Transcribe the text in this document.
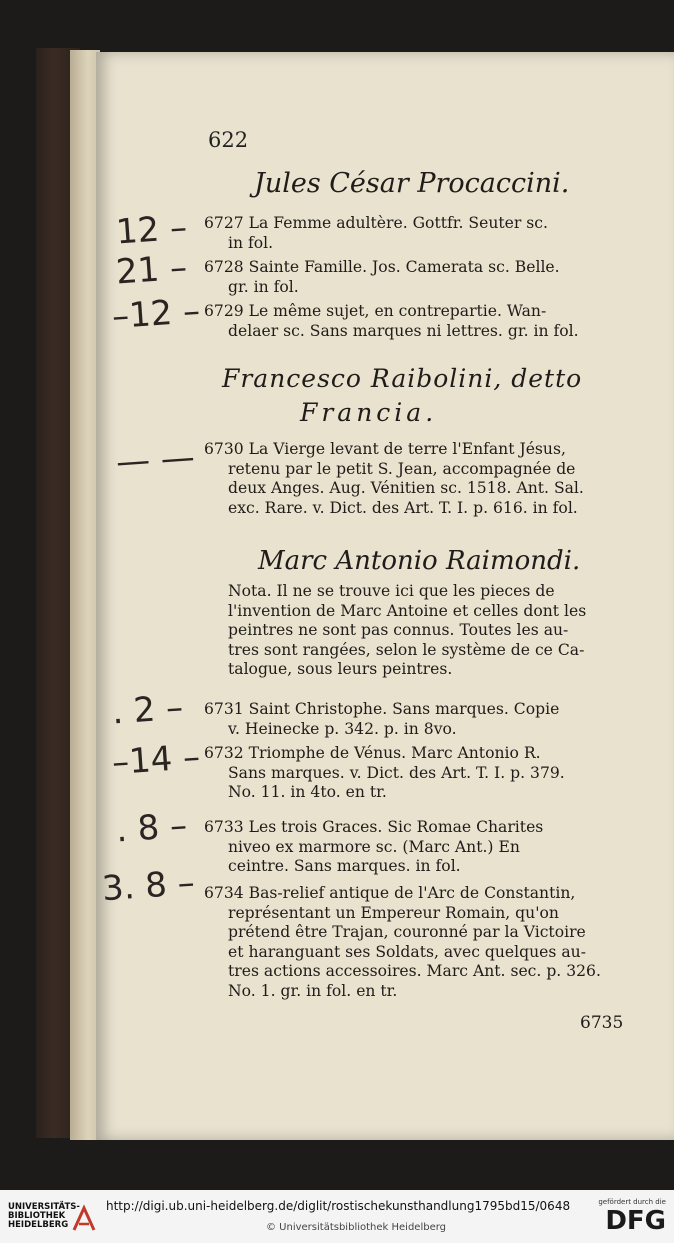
622
Jules César Procaccini.
12 – 6727 La Femme adultère. Gottfr. Seuter sc.
in fol.
21 – 6728 Sainte Famille. Jos. Camerata sc. Belle.
gr. in fol.
–12 – 6729 Le même sujet, en contrepartie. Wan-
delaer sc. Sans marques ni lettres. gr. in fol.
Francesco Raibolini, detto
Francia.
— — 6730 La Vierge levant de terre l'Enfant Jésus,
retenu par le petit S. Jean, accompagnée de
deux Anges. Aug. Vénitien sc. 1518. Ant. Sal.
exc. Rare. v. Dict. des Art. T. I. p. 616. in fol.
Marc Antonio Raimondi.
Nota. Il ne se trouve ici que les pieces de
l'invention de Marc Antoine et celles dont les
peintres ne sont pas connus. Toutes les au-
tres sont rangées, selon le système de ce Ca-
talogue, sous leurs peintres.
. 2 – 6731 Saint Christophe. Sans marques. Copie
v. Heinecke p. 342. p. in 8vo.
–14 – 6732 Triomphe de Vénus. Marc Antonio R.
Sans marques. v. Dict. des Art. T. I. p. 379.
No. 11. in 4to. en tr.
. 8 – 6733 Les trois Graces. Sic Romae Charites
niveo ex marmore sc. (Marc Ant.) En
ceintre. Sans marques. in fol.
3. 8 – 6734 Bas-relief antique de l'Arc de Constantin,
représentant un Empereur Romain, qu'on
prétend être Trajan, couronné par la Victoire
et haranguant ses Soldats, avec quelques au-
tres actions accessoires. Marc Ant. sec. p. 326.
No. 1. gr. in fol. en tr.
6735
UNIVERSITÄTS-
BIBLIOTHEK
HEIDELBERG
http://digi.ub.uni-heidelberg.de/diglit/rostischekunsthandlung1795bd15/0648
© Universitätsbibliothek Heidelberg
gefördert durch die
DFG
